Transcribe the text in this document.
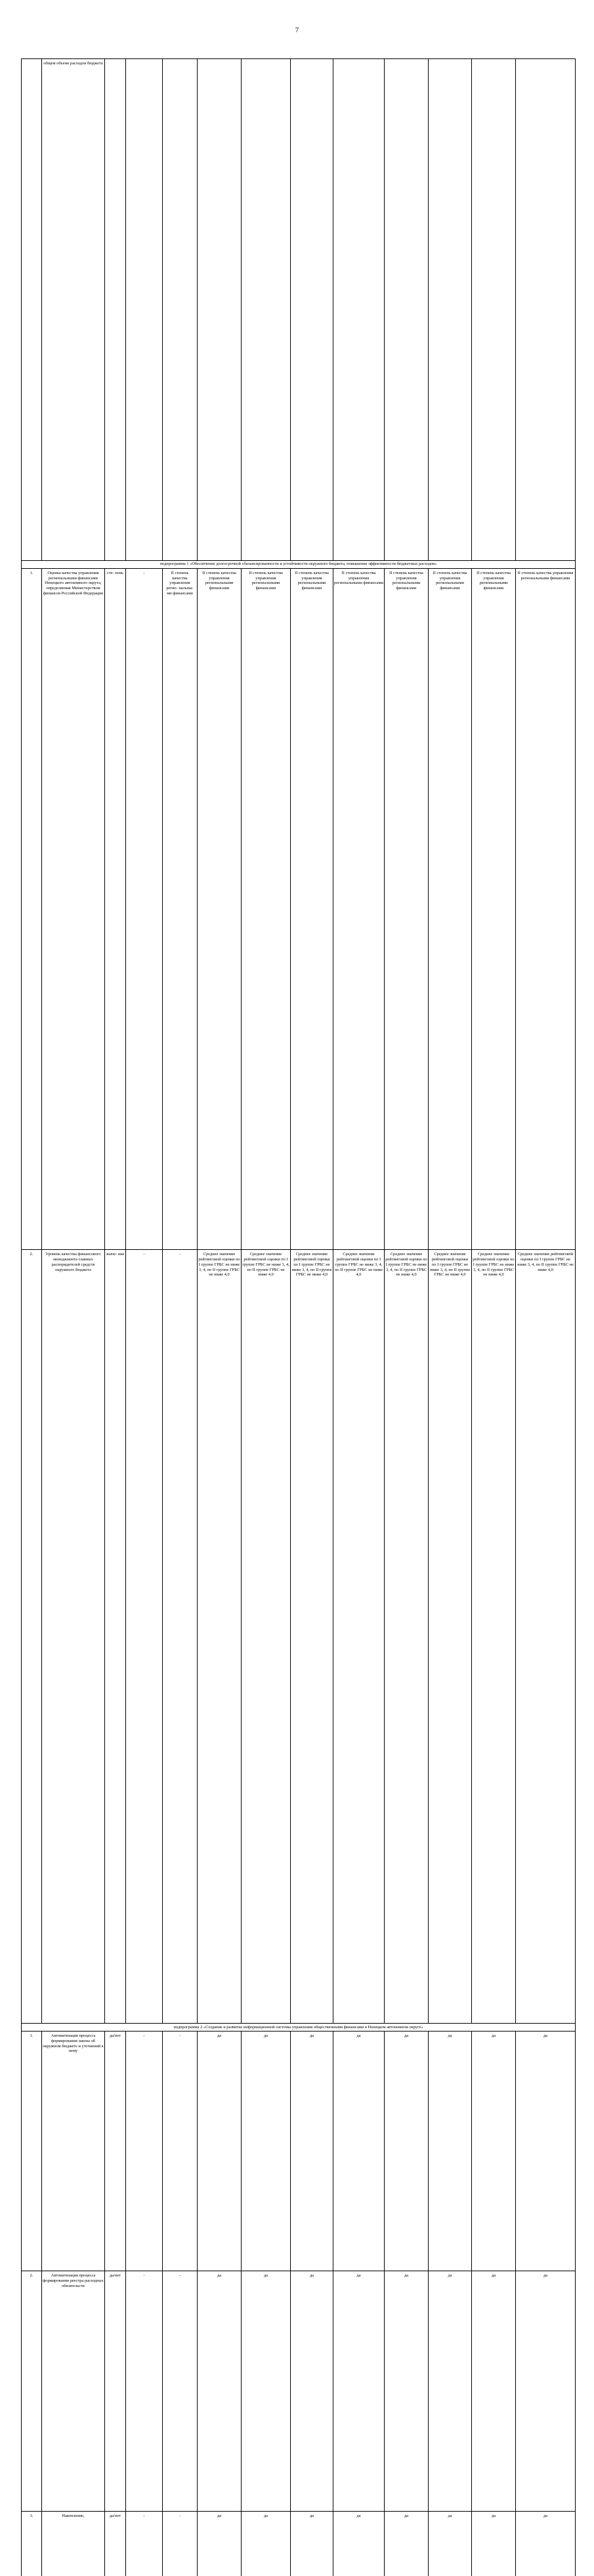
7
	общем объеме расходов бюджета												
подпрограмма 1 «Обеспечение долгосрочной сбалансированности и устойчивости окружного бюджета, повышение эффективности бюджетных расходов»													
1.	Оценка качества управления региональными финансами Ненецкого автономного округа, определяемая Министерством финансов Российской Федерации	сте- пень	-	II степень качества управления регио- нальны- ми финансами	II степень качества управления региональными финансами	II степень качества управления региональными финансами	II степень качества управления региональными финансами	II степень качества управления региональными финансами	II степень качества управления региональными финансами	II степень качества управления региональными финансами	II степень качества управления региональными финансами	II степень качества управления региональными финансами	
2.	Уровень качества финансового менеджмента главных распорядителей средств окружного бюджета	значе- ние	-	-	Среднее значение рейтинговой оценки по I группе ГРБС не ниже 3, 4, по II группе ГРБС не ниже 4,0	Среднее значение рейтинговой оценки по I группе ГРБС не ниже 3, 4, по II группе ГРБС не ниже 4,0	Среднее значение рейтинговой оценки по I группе ГРБС не ниже 3, 4, по II группе ГРБС не ниже 4,0	Среднее значение рейтинговой оценки по I группе ГРБС не ниже 3, 4, по II группе ГРБС не ниже 4,0	Среднее значение рейтинговой оценки по I группе ГРБС не ниже 3, 4, по II группе ГРБС не ниже 4,0	Среднее значение рейтинговой оценки по I группе ГРБС не ниже 3, 4, по II группе ГРБС не ниже 4,0	Среднее значение рейтинговой оценки по I группе ГРБС не ниже 3, 4, по II группе ГРБС не ниже 4,0	Среднее значение рейтинговой оценки по I группе ГРБС не ниже 3, 4, по II группе ГРБС не ниже 4,0	
подпрограмма 2 «Создание и развитие информационной системы управления общественными финансами в Ненецком автономном округе»													
1.	Автоматизация процесса формирования закона об окружном бюджете и уточнений к нему	да/нет	-	-	да	да	да	да	да	да	да	да	
2.	Автоматизация процесса формирования реестра расходных обязательств	да/нет	-	-	да	да	да	да	да	да	да	да	
3.	Накопление,	да/нет	-	-	да	да	да	да	да	да	да	да	
